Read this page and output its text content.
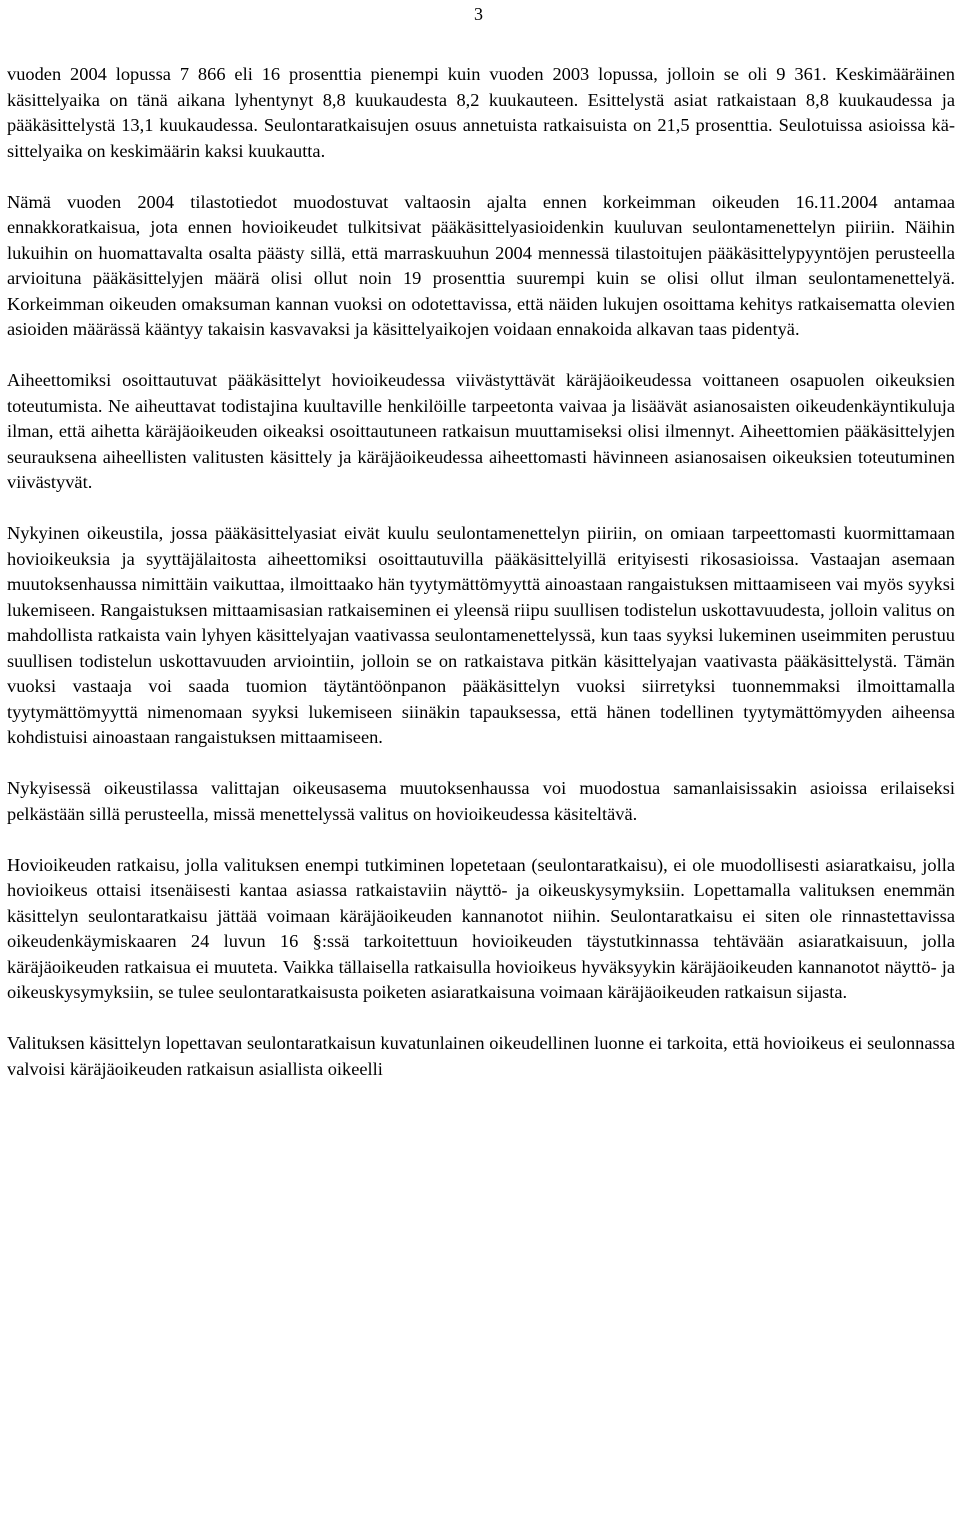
3

vuoden 2004 lopussa 7 866 eli 16 prosenttia pienempi kuin vuoden 2003 lopussa, jolloin se oli 9 361. Keskimääräinen käsittelyaika on tänä aikana lyhentynyt 8,8 kuukaudesta 8,2 kuukauteen. Esittelystä asiat ratkaistaan 8,8 kuukaudessa ja pääkäsittelystä 13,1 kuukaudessa. Seulontaratkaisujen osuus annetuista ratkaisuista on 21,5 prosenttia. Seulotuissa asioissa käsittelyaika on keskimäärin kaksi kuukautta.

Nämä vuoden 2004 tilastotiedot muodostuvat valtaosin ajalta ennen korkeimman oikeuden 16.11.2004 antamaa ennakkoratkaisua, jota ennen hovioikeudet tulkitsivat pääkäsittelyasioidenkin kuuluvan seulontamenettelyn piiriin. Näihin lukuihin on huomattavalta osalta päästy sillä, että marraskuuhun 2004 mennessä tilastoitujen pääkäsittelypyyntöjen perusteella arvioituna pääkäsittelyjen määrä olisi ollut noin 19 prosenttia suurempi kuin se olisi ollut ilman seulontamenettelyä. Korkeimman oikeuden omaksuman kannan vuoksi on odotettavissa, että näiden lukujen osoittama kehitys ratkaisematta olevien asioiden määrässä kääntyy takaisin kasvavaksi ja käsittelyaikojen voidaan ennakoida alkavan taas pidentyä.

Aiheettomiksi osoittautuvat pääkäsittelyt hovioikeudessa viivästyttävät käräjäoikeudessa voittaneen osapuolen oikeuksien toteutumista. Ne aiheuttavat todistajina kuultaville henkilöille tarpeetonta vaivaa ja lisäävät asianosaisten oikeudenkäyntikuluja ilman, että aihetta käräjäoikeuden oikeaksi osoittautuneen ratkaisun muuttamiseksi olisi ilmennyt. Aiheettomien pääkäsittelyjen seurauksena aiheellisten valitusten käsittely ja käräjäoikeudessa aiheettomasti hävinneen asianosaisen oikeuksien toteutuminen viivästyvät.

Nykyinen oikeustila, jossa pääkäsittelyasiat eivät kuulu seulontamenettelyn piiriin, on omiaan tarpeettomasti kuormittamaan hovioikeuksia ja syyttäjälaitosta aiheettomiksi osoittautuvilla pääkäsittelyillä erityisesti rikosasioissa. Vastaajan asemaan muutoksenhaussa nimittäin vaikuttaa, ilmoittaako hän tyytymättömyyttä ainoastaan rangaistuksen mittaamiseen vai myös syyksi lukemiseen. Rangaistuksen mittaamisasian ratkaiseminen ei yleensä riipu suullisen todistelun uskottavuudesta, jolloin valitus on mahdollista ratkaista vain lyhyen käsittelyajan vaativassa seulontamenettelyssä, kun taas syyksi lukeminen useimmiten perustuu suullisen todistelun uskottavuuden arviointiin, jolloin se on ratkaistava pitkän käsittelyajan vaativasta pääkäsittelystä. Tämän vuoksi vastaaja voi saada tuomion täytäntöönpanon pääkäsittelyn vuoksi siirretyksi tuonnemmaksi ilmoittamalla tyytymättömyyttä nimenomaan syyksi lukemiseen siinäkin tapauksessa, että hänen todellinen tyytymättömyyden aiheensa kohdistuisi ainoastaan rangaistuksen mittaamiseen.

Nykyisessä oikeustilassa valittajan oikeusasema muutoksenhaussa voi muodostua samanlaisissakin asioissa erilaiseksi pelkästään sillä perusteella, missä menettelyssä valitus on hovioikeudessa käsiteltävä.

Hovioikeuden ratkaisu, jolla valituksen enempi tutkiminen lopetetaan (seulontaratkaisu), ei ole muodollisesti asiaratkaisu, jolla hovioikeus ottaisi itsenäisesti kantaa asiassa ratkaistaviin näyttö- ja oikeuskysymyksiin. Lopettamalla valituksen enemmän käsittelyn seulontaratkaisu jättää voimaan käräjäoikeuden kannanotot niihin. Seulontaratkaisu ei siten ole rinnastettavissa oikeudenkäymiskaaren 24 luvun 16 §:ssä tarkoitettuun hovioikeuden täystutkinnassa tehtävään asiaratkaisuun, jolla käräjäoikeuden ratkaisua ei muuteta. Vaikka tällaisella ratkaisulla hovioikeus hyväksyykin käräjäoikeuden kannanotot näyttö- ja oikeuskysymyksiin, se tulee seulontaratkaisusta poiketen asiaratkaisuna voimaan käräjäoikeuden ratkaisun sijasta.

Valituksen käsittelyn lopettavan seulontaratkaisun kuvatunlainen oikeudellinen luonne ei tarkoita, että hovioikeus ei seulonnassa valvoisi käräjäoikeuden ratkaisun asiallista oikeelli
